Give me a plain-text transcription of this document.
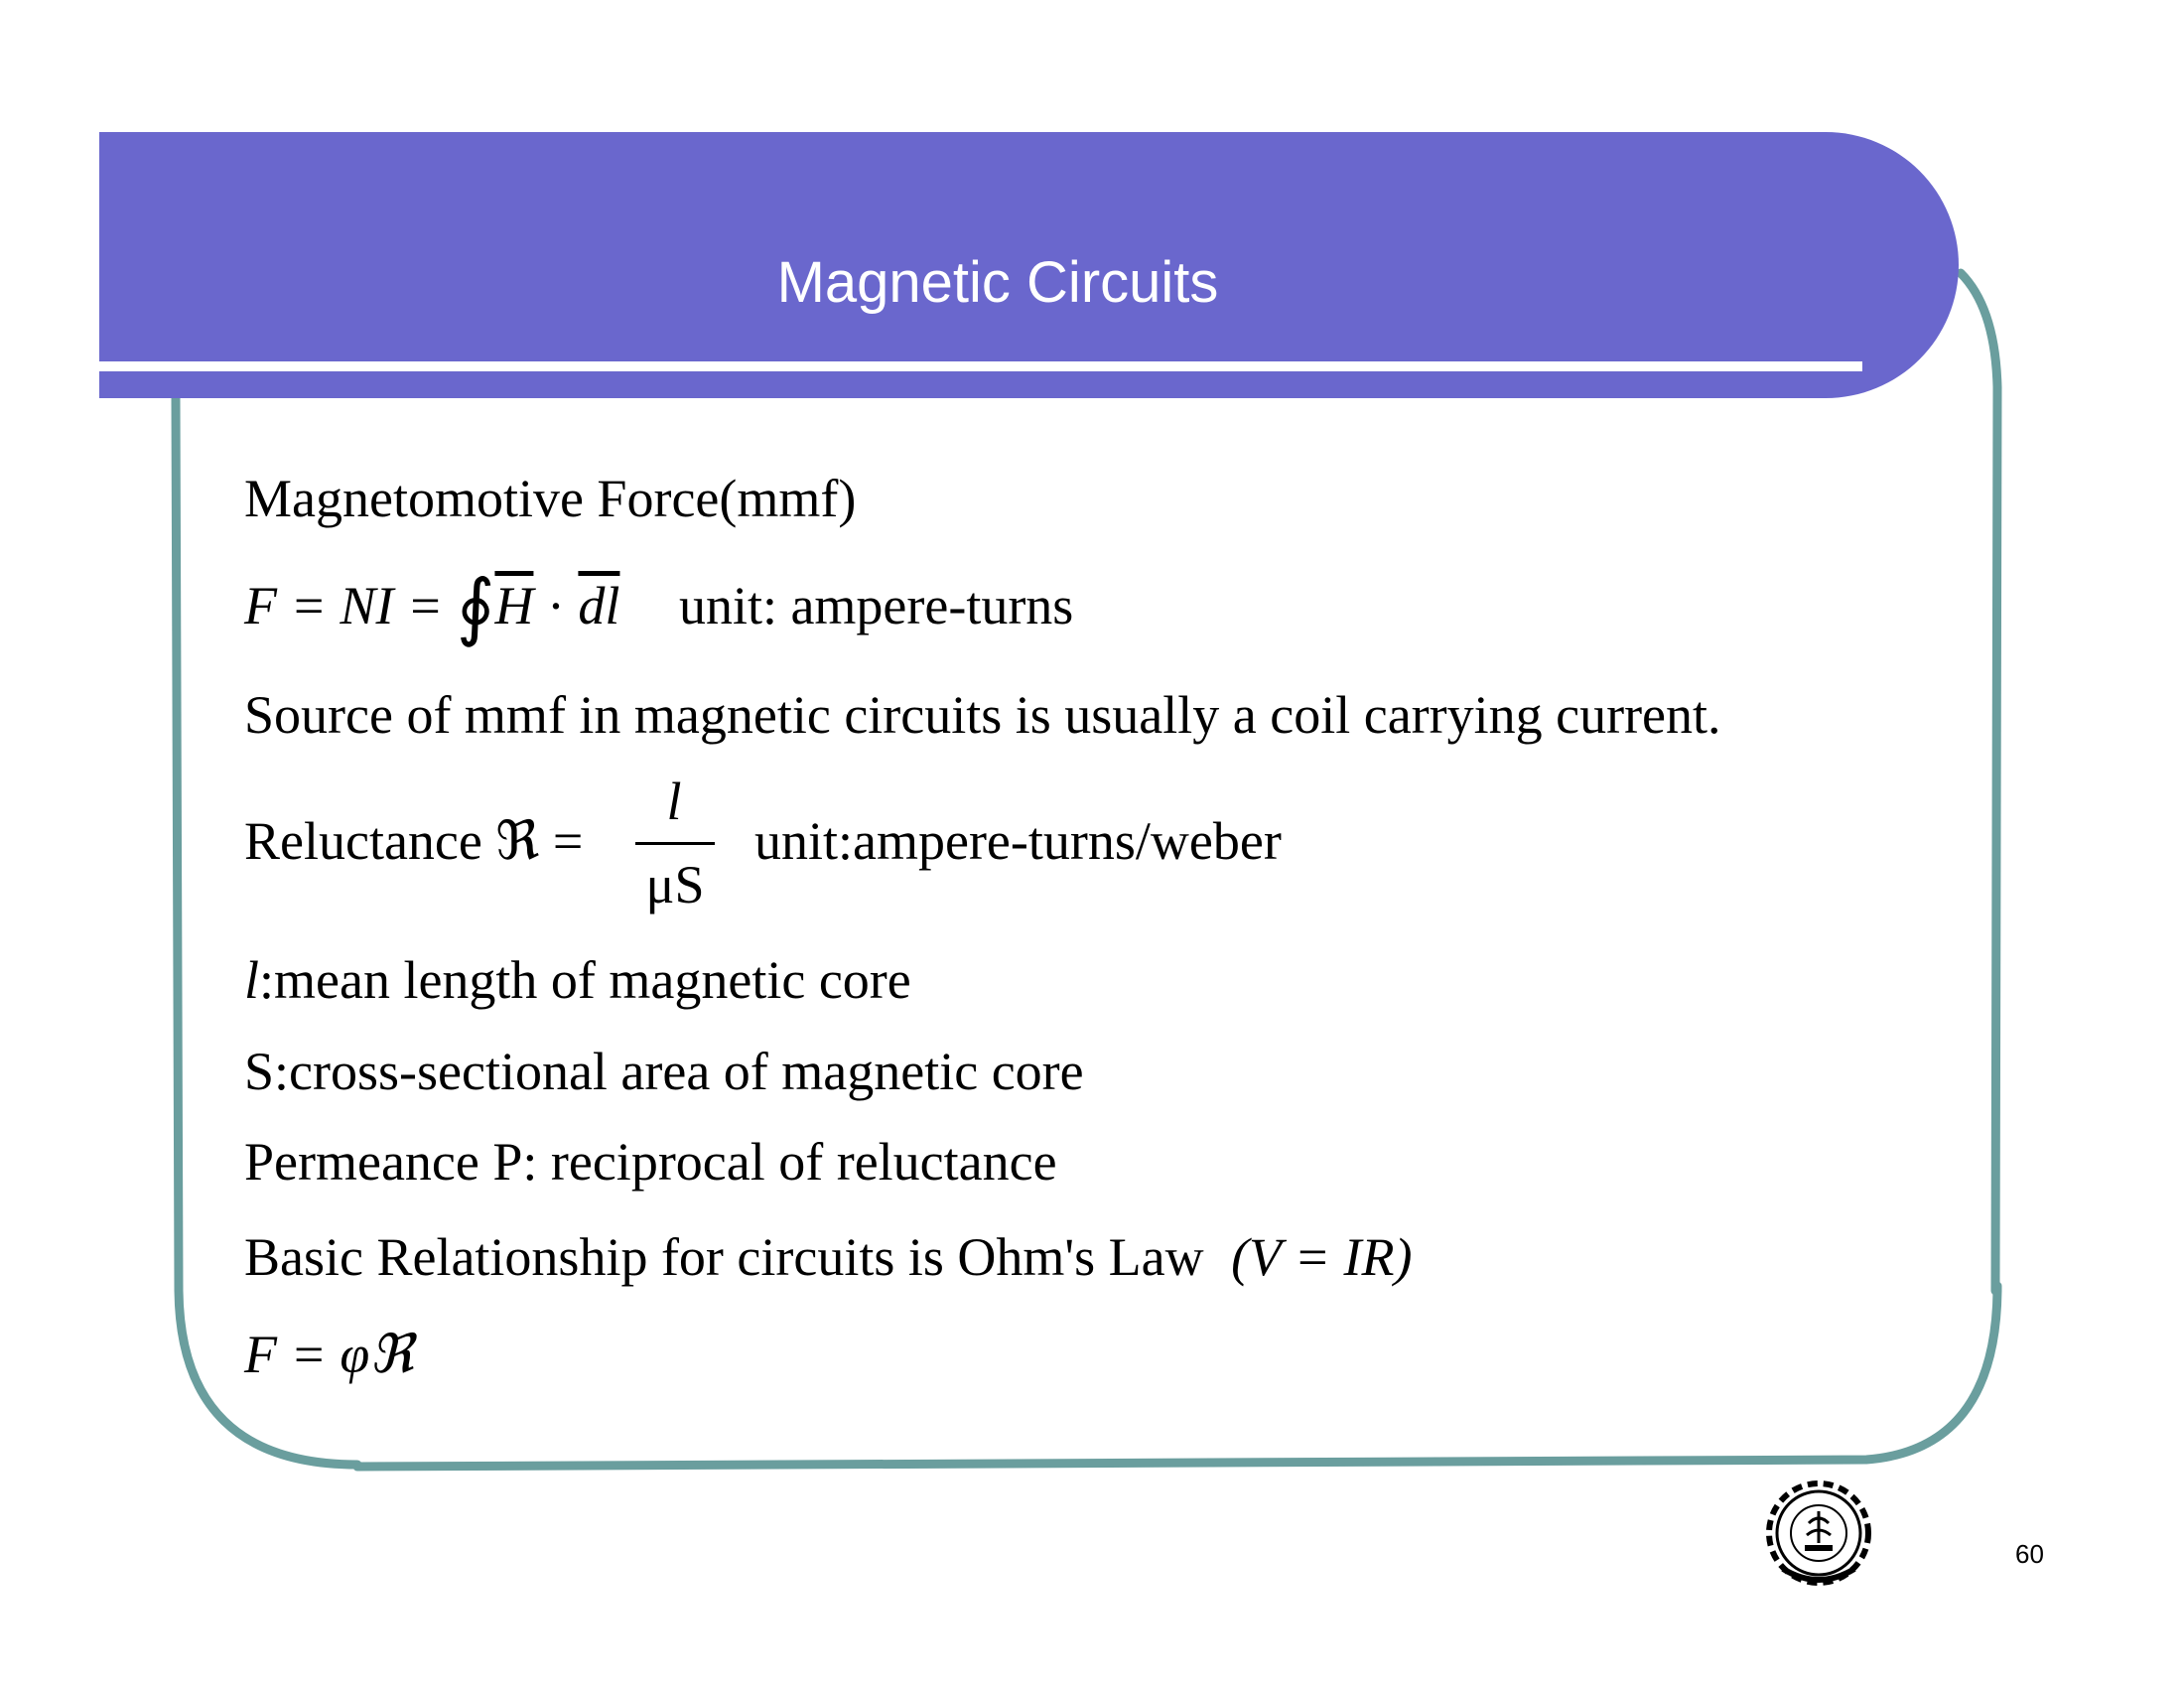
Magnetic Circuits
Magnetomotive Force(mmf)
F = NI = $∮\overline{H} \cdot \overline{dl}$ unit: ampere-turns
Source of mmf in magnetic circuits is usually a coil carrying current.
Reluctance ℜ =
l
μS
unit:ampere-turns/weber
l:mean length of magnetic core
S:cross-sectional area of magnetic core
Permeance P: reciprocal of reluctance
Basic Relationship for circuits is Ohm's Law (V = IR)
F = φℜ
60
